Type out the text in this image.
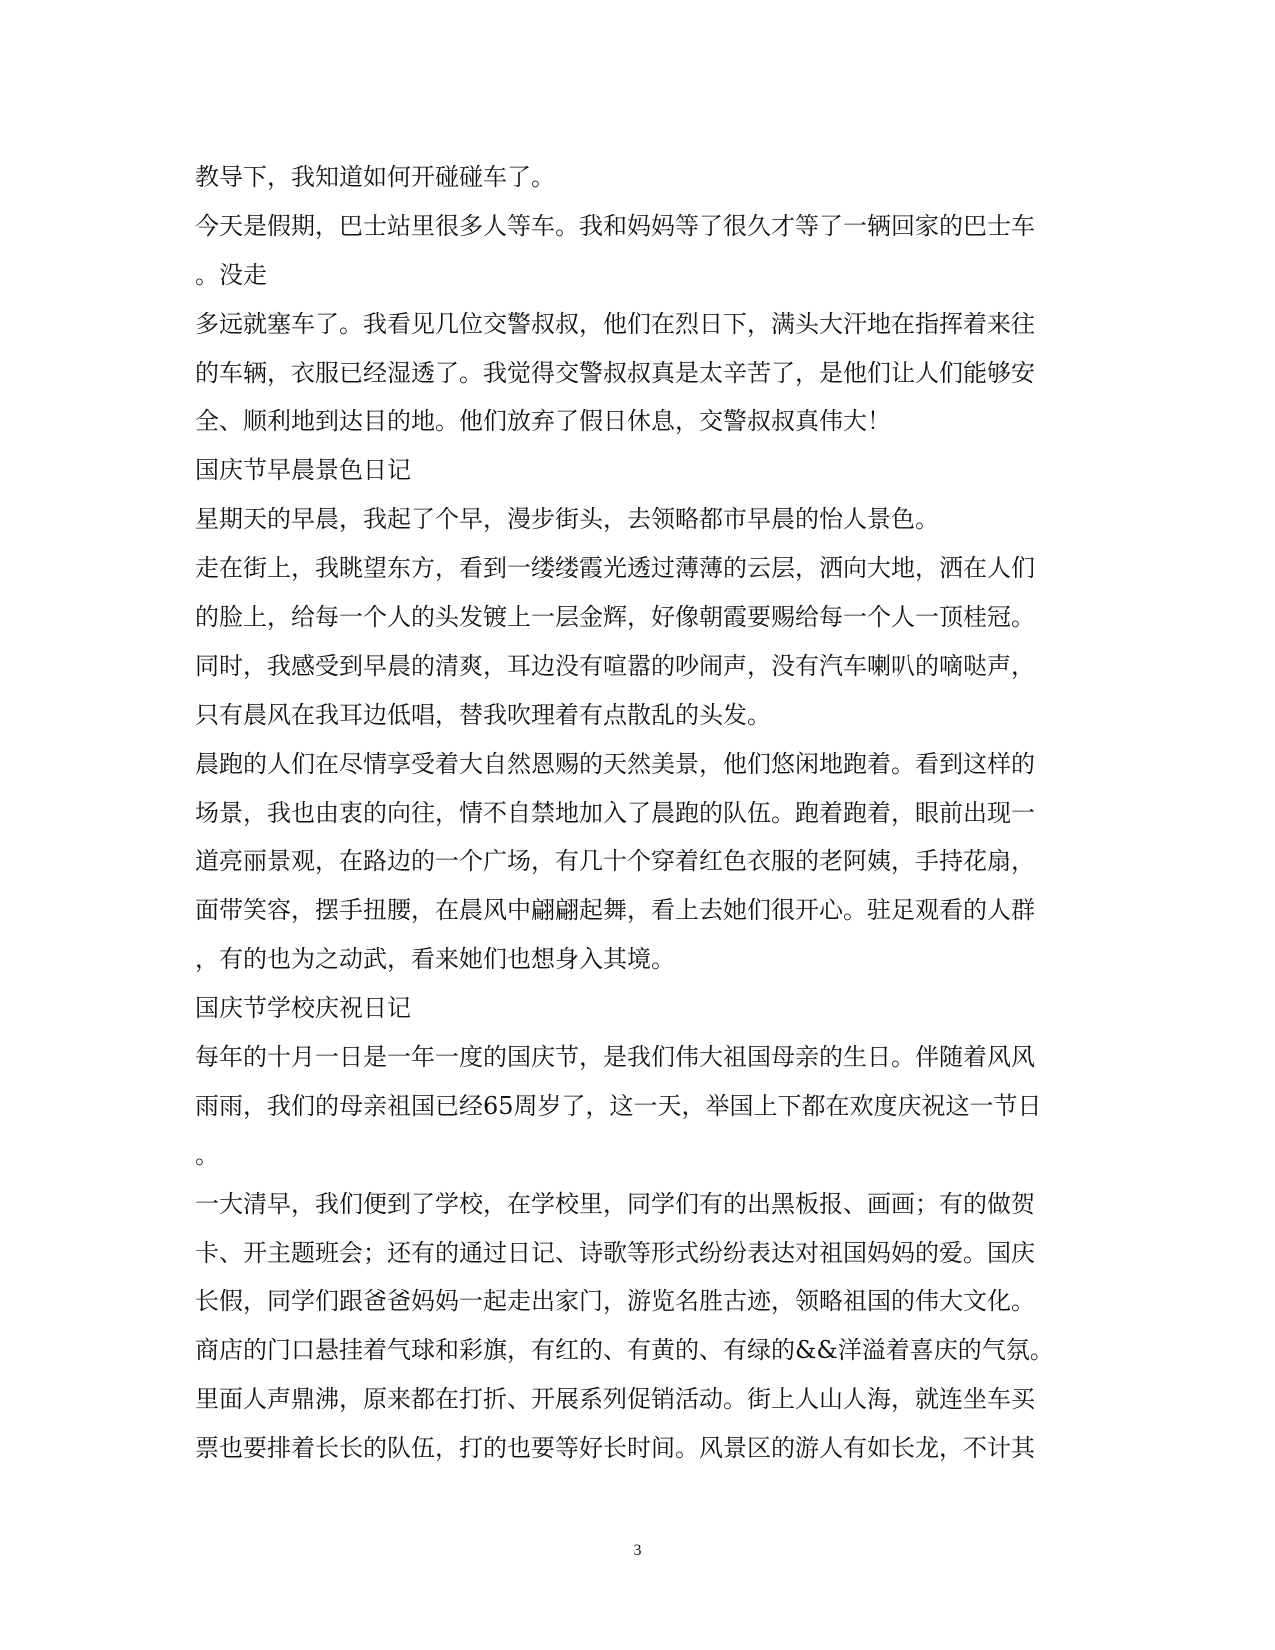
教导下，我知道如何开碰碰车了。
今天是假期，巴士站里很多人等车。我和妈妈等了很久才等了一辆回家的巴士车
。没走
多远就塞车了。我看见几位交警叔叔，他们在烈日下，满头大汗地在指挥着来往
的车辆，衣服已经湿透了。我觉得交警叔叔真是太辛苦了，是他们让人们能够安
全、顺利地到达目的地。他们放弃了假日休息，交警叔叔真伟大！
国庆节早晨景色日记
星期天的早晨，我起了个早，漫步街头，去领略都市早晨的怡人景色。
走在街上，我眺望东方，看到一缕缕霞光透过薄薄的云层，洒向大地，洒在人们
的脸上，给每一个人的头发镀上一层金辉，好像朝霞要赐给每一个人一顶桂冠。
同时，我感受到早晨的清爽，耳边没有喧嚣的吵闹声，没有汽车喇叭的嘀哒声，
只有晨风在我耳边低唱，替我吹理着有点散乱的头发。
晨跑的人们在尽情享受着大自然恩赐的天然美景，他们悠闲地跑着。看到这样的
场景，我也由衷的向往，情不自禁地加入了晨跑的队伍。跑着跑着，眼前出现一
道亮丽景观，在路边的一个广场，有几十个穿着红色衣服的老阿姨，手持花扇，
面带笑容，摆手扭腰，在晨风中翩翩起舞，看上去她们很开心。驻足观看的人群
，有的也为之动武，看来她们也想身入其境。
国庆节学校庆祝日记
每年的十月一日是一年一度的国庆节，是我们伟大祖国母亲的生日。伴随着风风
雨雨，我们的母亲祖国已经65周岁了，这一天，举国上下都在欢度庆祝这一节日
。
一大清早，我们便到了学校，在学校里，同学们有的出黑板报、画画；有的做贺
卡、开主题班会；还有的通过日记、诗歌等形式纷纷表达对祖国妈妈的爱。国庆
长假，同学们跟爸爸妈妈一起走出家门，游览名胜古迹，领略祖国的伟大文化。
商店的门口悬挂着气球和彩旗，有红的、有黄的、有绿的&&洋溢着喜庆的气氛。
里面人声鼎沸，原来都在打折、开展系列促销活动。街上人山人海，就连坐车买
票也要排着长长的队伍，打的也要等好长时间。风景区的游人有如长龙，不计其
3
